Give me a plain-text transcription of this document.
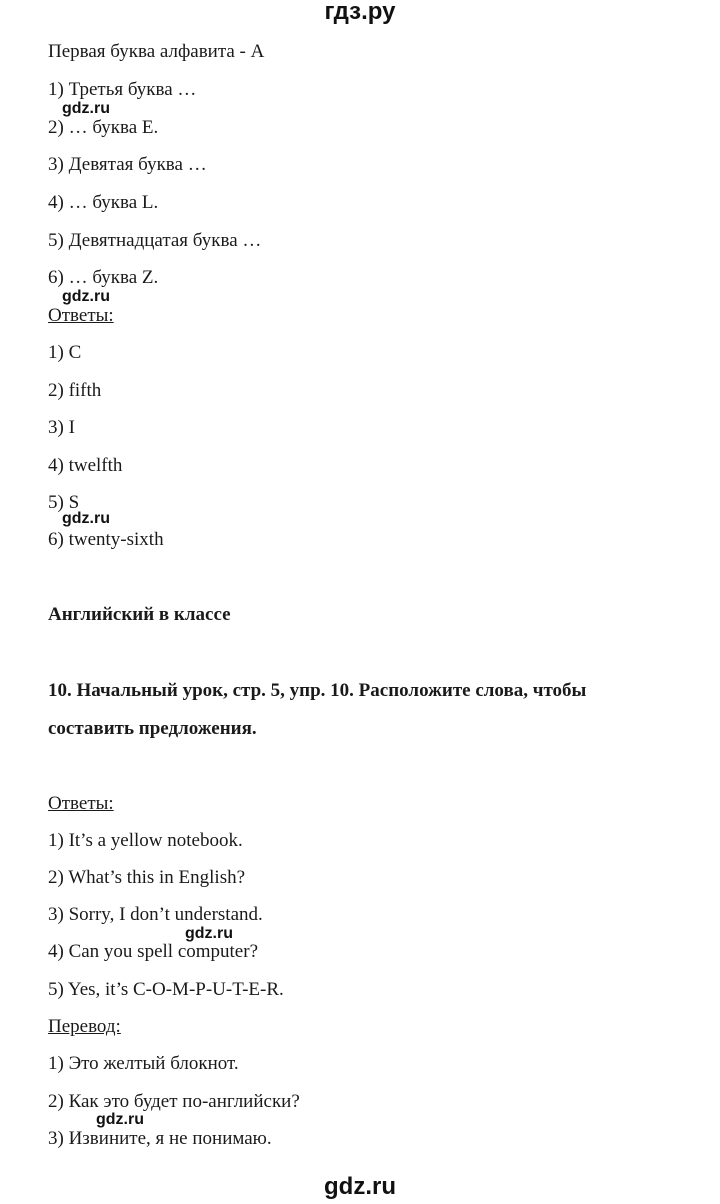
гдз.ру
Первая буква алфавита - А
1) Третья буква …
gdz.ru
2) … буква E.
3) Девятая буква …
4) … буква L.
5) Девятнадцатая буква …
6) … буква Z.
gdz.ru
Ответы:
1) C
2) fifth
3) I
4) twelfth
5) S
gdz.ru
6) twenty-sixth
Английский в классе
10. Начальный урок, стр. 5, упр. 10. Расположите слова, чтобы
составить предложения.
Ответы:
1) It’s a yellow notebook.
2) What’s this in English?
3) Sorry, I don’t understand.
gdz.ru
4) Can you spell computer?
5) Yes, it’s C-O-M-P-U-T-E-R.
Перевод:
1) Это желтый блокнот.
2) Как это будет по-английски?
gdz.ru
3) Извините, я не понимаю.
gdz.ru
